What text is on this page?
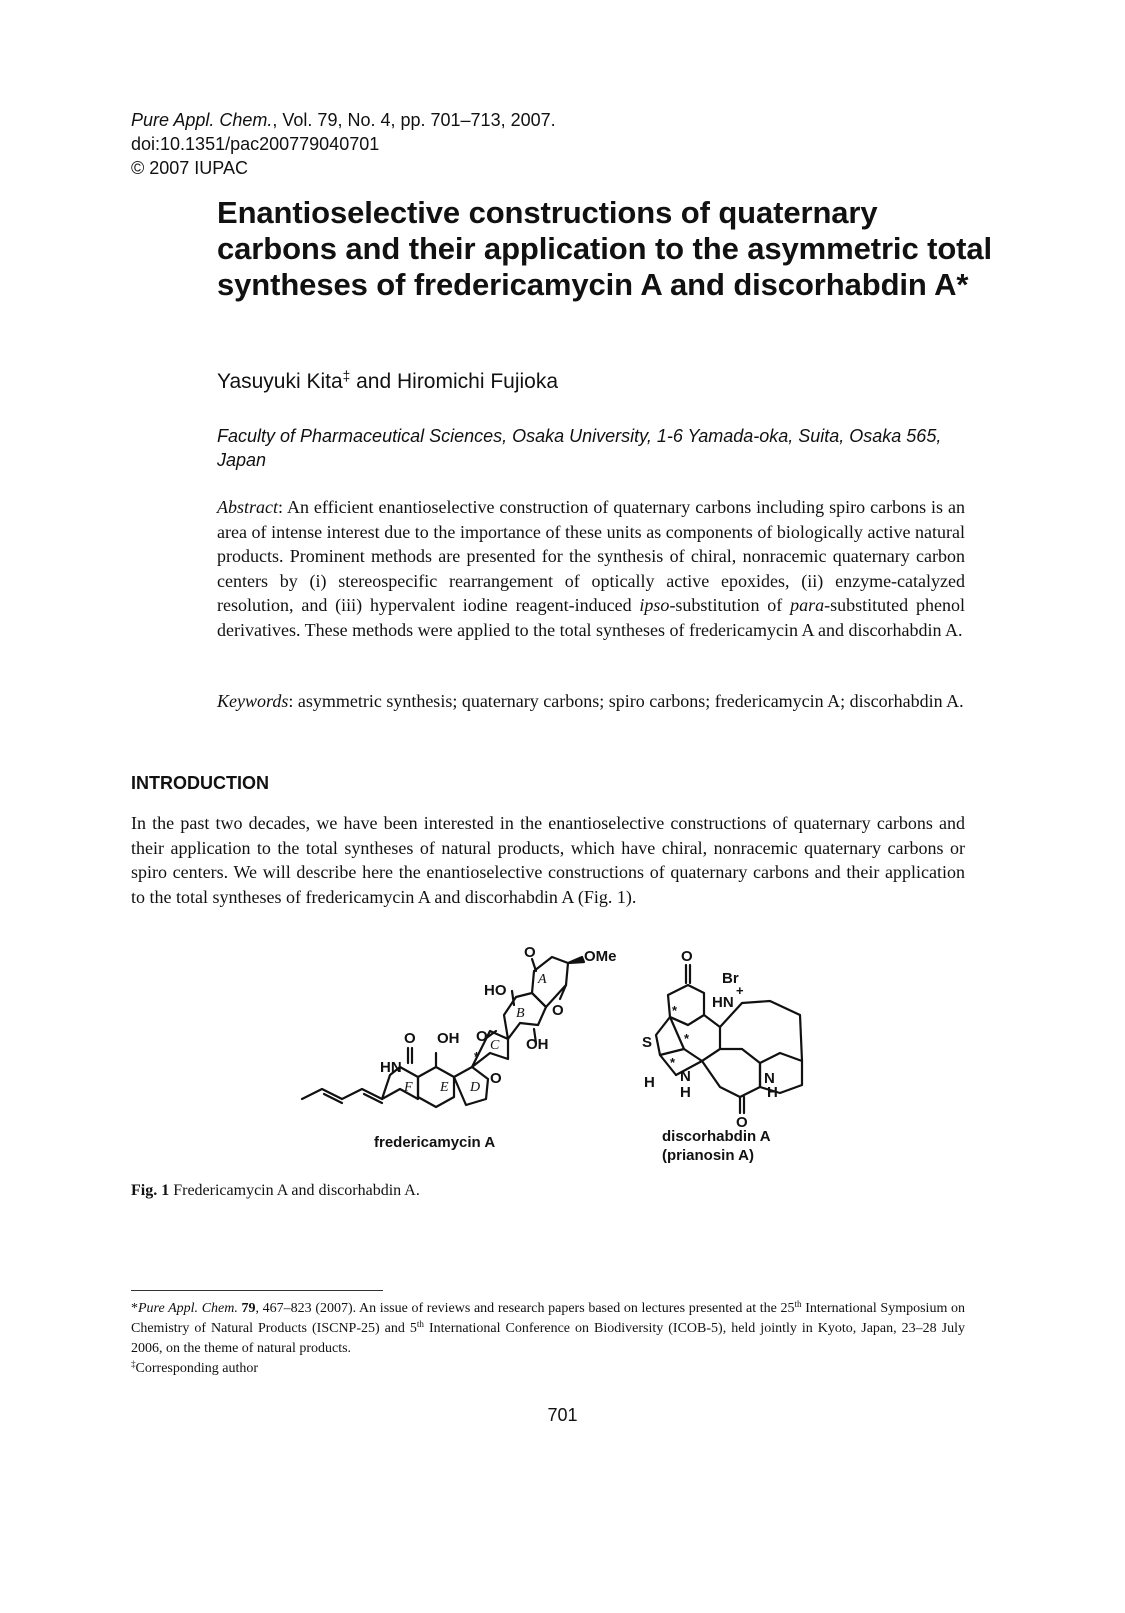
Pure Appl. Chem., Vol. 79, No. 4, pp. 701–713, 2007.
doi:10.1351/pac200779040701
© 2007 IUPAC
Enantioselective constructions of quaternary carbons and their application to the asymmetric total syntheses of fredericamycin A and discorhabdin A*
Yasuyuki Kita‡ and Hiromichi Fujioka
Faculty of Pharmaceutical Sciences, Osaka University, 1-6 Yamada-oka, Suita, Osaka 565, Japan
Abstract: An efficient enantioselective construction of quaternary carbons including spiro carbons is an area of intense interest due to the importance of these units as components of biologically active natural products. Prominent methods are presented for the synthesis of chiral, nonracemic quaternary carbon centers by (i) stereospecific rearrangement of optically active epoxides, (ii) enzyme-catalyzed resolution, and (iii) hypervalent iodine reagent-induced ipso-substitution of para-substituted phenol derivatives. These methods were applied to the total syntheses of fredericamycin A and discorhabdin A.
Keywords: asymmetric synthesis; quaternary carbons; spiro carbons; fredericamycin A; discorhabdin A.
INTRODUCTION
In the past two decades, we have been interested in the enantioselective constructions of quaternary carbons and their application to the total syntheses of natural products, which have chiral, nonracemic quaternary carbons or spiro centers. We will describe here the enantioselective constructions of quaternary carbons and their application to the total syntheses of fredericamycin A and discorhabdin A (Fig. 1).
HN
O OH
O
O
HO
OH
O
O
OMe
F E D
C
B
A
*
O
Br
HN
+
S
H N
H
O
N
H
*
*
*
fredericamycin A	discorhabdin A
(prianosin A)
Fig. 1 Fredericamycin A and discorhabdin A.
*Pure Appl. Chem. 79, 467–823 (2007). An issue of reviews and research papers based on lectures presented at the 25th International Symposium on Chemistry of Natural Products (ISCNP-25) and 5th International Conference on Biodiversity (ICOB-5), held jointly in Kyoto, Japan, 23–28 July 2006, on the theme of natural products.
‡Corresponding author
701
